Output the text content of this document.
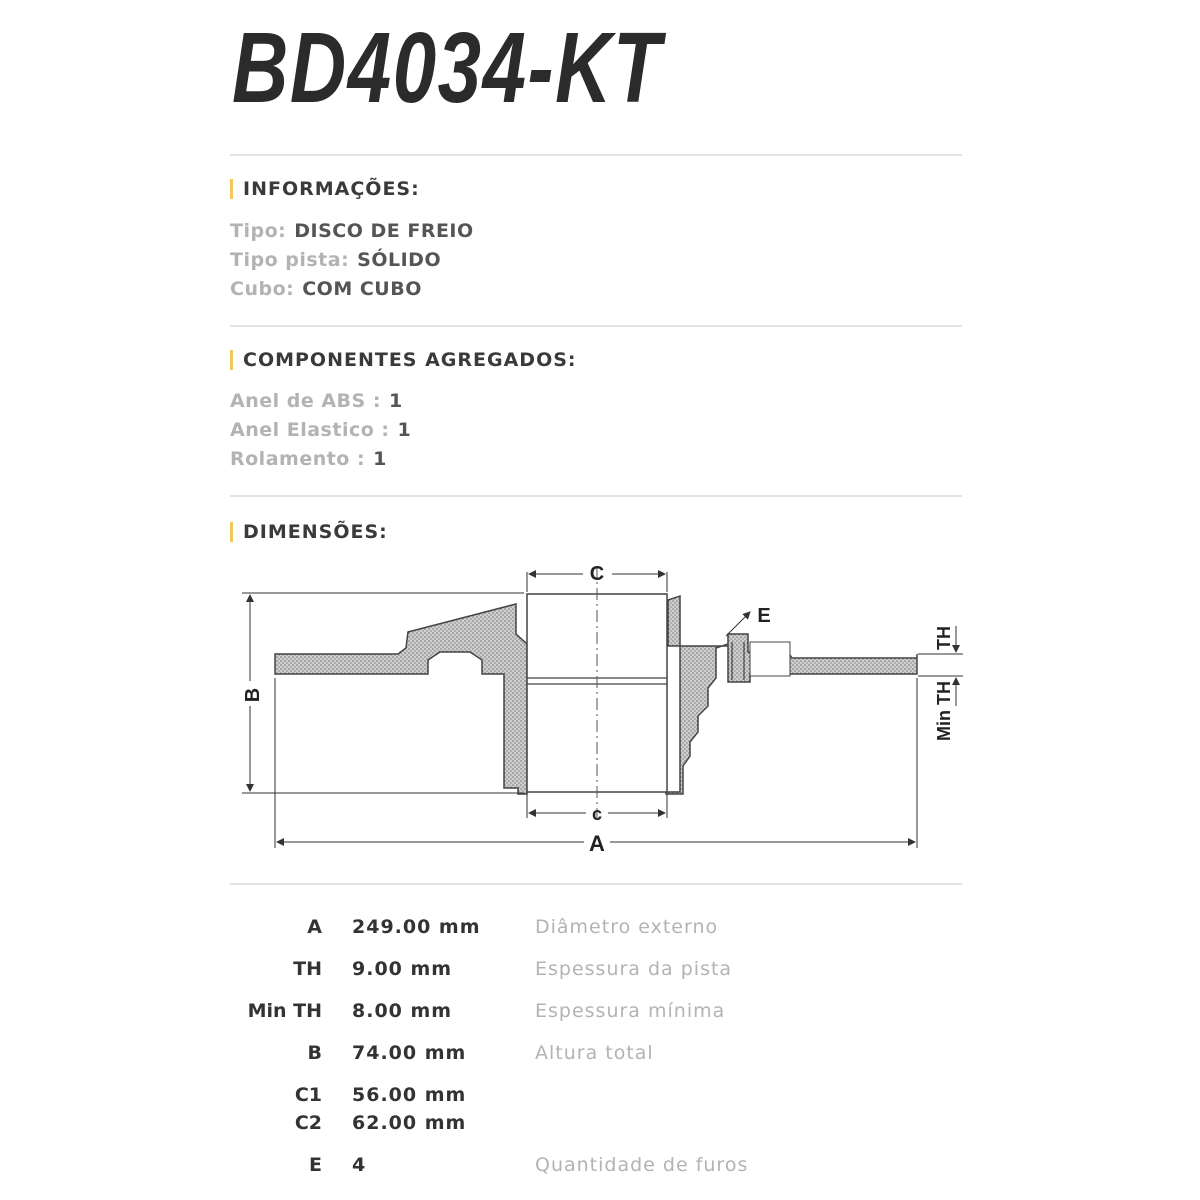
BD4034-KT
INFORMAÇÕES:
Tipo: DISCO DE FREIO
Tipo pista: SÓLIDO
Cubo: COM CUBO
COMPONENTES AGREGADOS:
Anel de ABS : 1
Anel Elastico : 1
Rolamento : 1
DIMENSÕES:
C
c
A
B
E
TH
Min TH
A 249.00 mm	Diâmetro externo
TH 9.00 mm	Espessura da pista
Min TH 8.00 mm	Espessura mínima
B 74.00 mm	Altura total
C1 56.00 mm
C2 62.00 mm
E 4	Quantidade de furos
